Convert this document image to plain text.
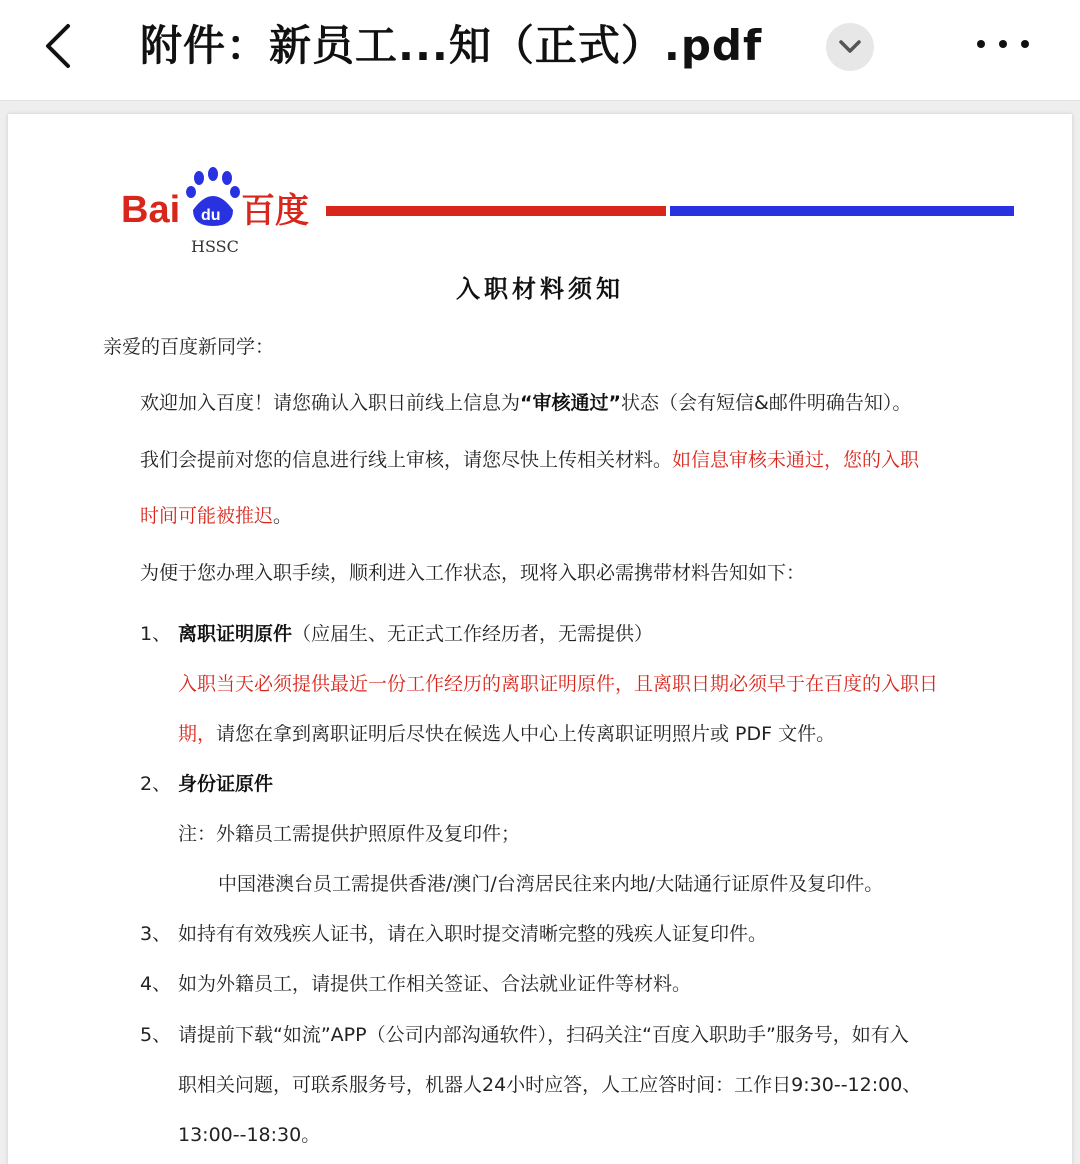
附件：新员工...知（正式）.pdf
Bai du 百度
HSSC
入职材料须知
亲爱的百度新同学：
欢迎加入百度！请您确认入职日前线上信息为“审核通过”状态（会有短信&邮件明确告知）。
我们会提前对您的信息进行线上审核，请您尽快上传相关材料。如信息审核未通过，您的入职
时间可能被推迟。
为便于您办理入职手续，顺利进入工作状态，现将入职必需携带材料告知如下：
1、 离职证明原件（应届生、无正式工作经历者，无需提供）
入职当天必须提供最近一份工作经历的离职证明原件，且离职日期必须早于在百度的入职日
期，请您在拿到离职证明后尽快在候选人中心上传离职证明照片或 PDF 文件。
2、 身份证原件
注：外籍员工需提供护照原件及复印件；
中国港澳台员工需提供香港/澳门/台湾居民往来内地/大陆通行证原件及复印件。
3、 如持有有效残疾人证书，请在入职时提交清晰完整的残疾人证复印件。
4、 如为外籍员工，请提供工作相关签证、合法就业证件等材料。
5、 请提前下载“如流”APP（公司内部沟通软件），扫码关注“百度入职助手”服务号，如有入
职相关问题，可联系服务号，机器人24小时应答，人工应答时间：工作日9:30--12:00、
13:00--18:30。
